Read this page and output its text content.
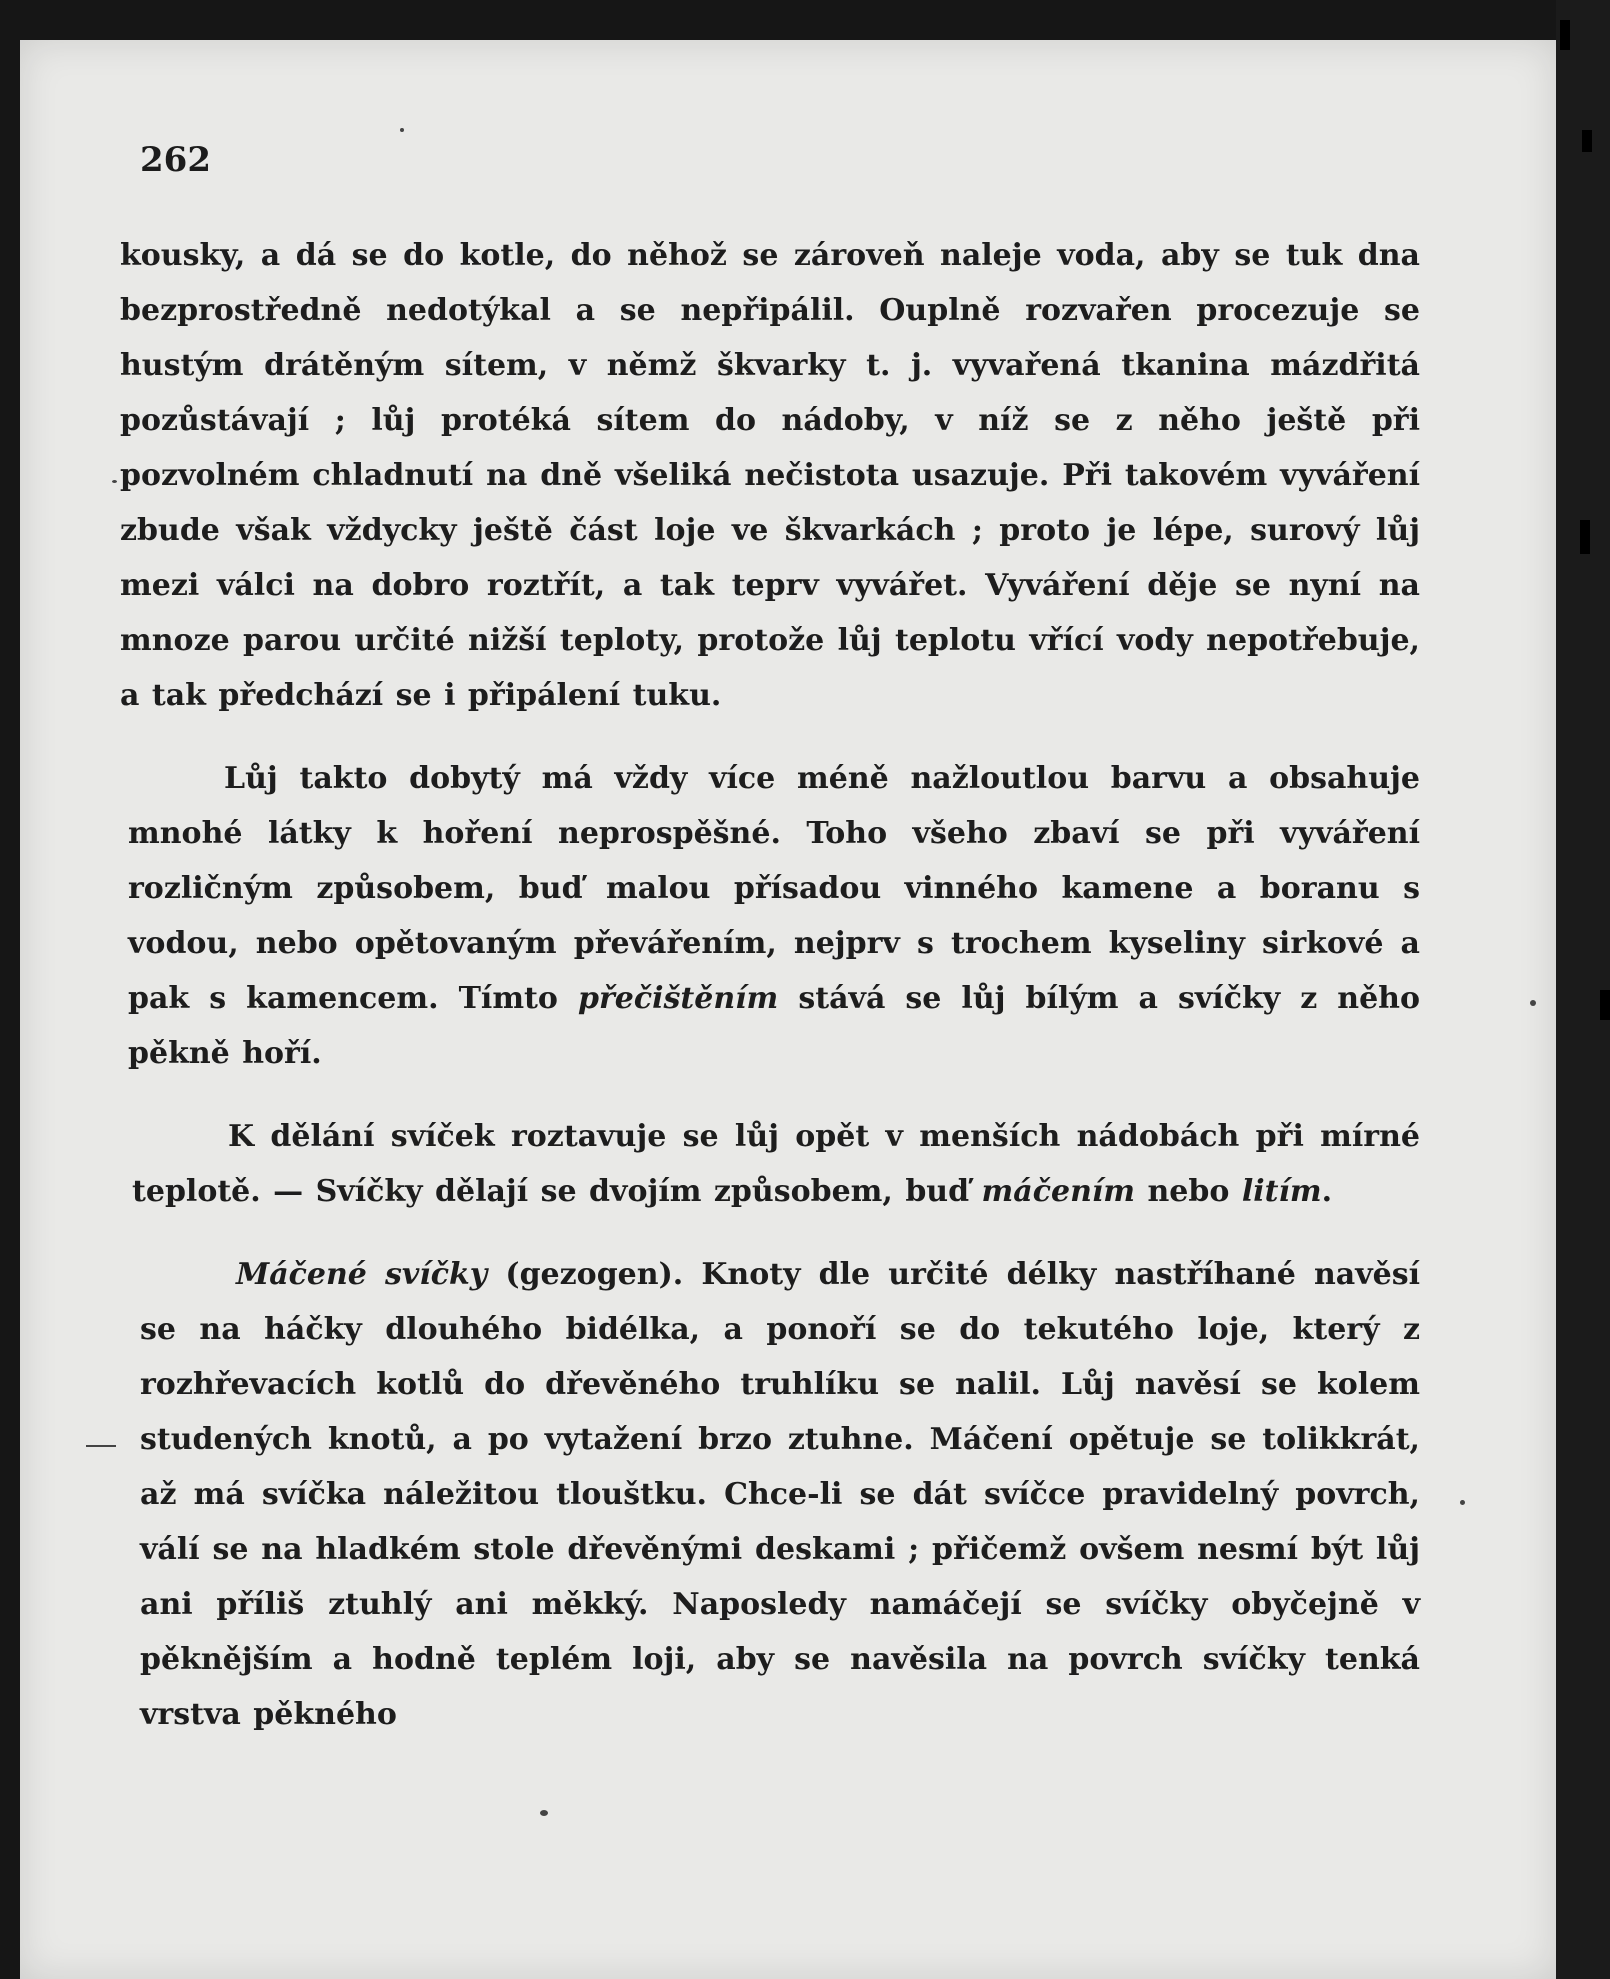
262

kousky, a dá se do kotle, do něhož se zároveň naleje voda, aby se tuk dna bezprostředně nedotýkal a se nepřipálil. Ouplně rozvařen procezuje se hustým drátěným sítem, v němž škvarky t. j. vyvařená tkanina mázdřitá pozůstávají ; lůj protéká sítem do nádoby, v níž se z něho ještě při pozvolném chladnutí na dně všeliká nečistota usazuje. Při takovém vyváření zbude však vždycky ještě část loje ve škvarkách ; proto je lépe, surový lůj mezi válci na dobro roztřít, a tak teprv vyvářet. Vyváření děje se nyní na mnoze parou určité nižší teploty, protože lůj teplotu vřící vody nepotřebuje, a tak předchází se i připálení tuku.

Lůj takto dobytý má vždy více méně nažloutlou barvu a obsahuje mnohé látky k hoření neprospěšné. Toho všeho zbaví se při vyváření rozličným způsobem, buď malou přísadou vinného kamene a boranu s vodou, nebo opětovaným převářením, nejprv s trochem kyseliny sirkové a pak s kamencem. Tímto přečištěním stává se lůj bílým a svíčky z něho pěkně hoří.

K dělání svíček roztavuje se lůj opět v menších nádobách při mírné teplotě. — Svíčky dělají se dvojím způsobem, buď máčením nebo litím.

Máčené svíčky (gezogen). Knoty dle určité délky nastříhané navěsí se na háčky dlouhého bidélka, a ponoří se do tekutého loje, který z rozhřevacích kotlů do dřevěného truhlíku se nalil. Lůj navěsí se kolem studených knotů, a po vytažení brzo ztuhne. Máčení opětuje se tolikkrát, až má svíčka náležitou tlouštku. Chce-li se dát svíčce pravidelný povrch, válí se na hladkém stole dřevěnými deskami ; přičemž ovšem nesmí být lůj ani příliš ztuhlý ani měkký. Naposledy namáčejí se svíčky obyčejně v pěknějším a hodně teplém loji, aby se navěsila na povrch svíčky tenká vrstva pěkného
